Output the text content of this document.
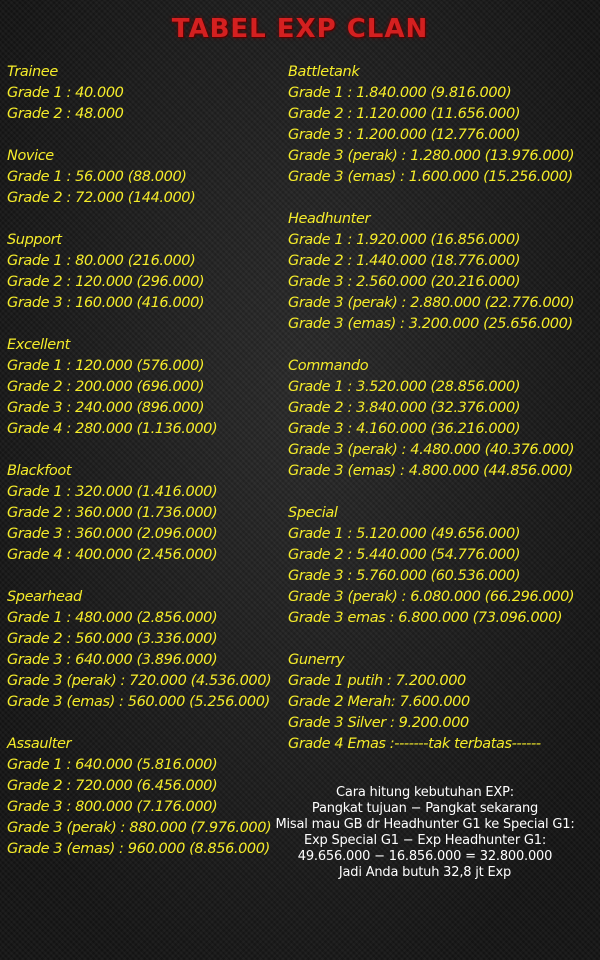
TABEL EXP CLAN
Trainee
Grade 1 : 40.000
Grade 2 : 48.000
Novice
Grade 1 : 56.000 (88.000)
Grade 2 : 72.000 (144.000)
Support
Grade 1 : 80.000 (216.000)
Grade 2 : 120.000 (296.000)
Grade 3 : 160.000 (416.000)
Excellent
Grade 1 : 120.000 (576.000)
Grade 2 : 200.000 (696.000)
Grade 3 : 240.000 (896.000)
Grade 4 : 280.000 (1.136.000)
Blackfoot
Grade 1 : 320.000 (1.416.000)
Grade 2 : 360.000 (1.736.000)
Grade 3 : 360.000 (2.096.000)
Grade 4 : 400.000 (2.456.000)
Spearhead
Grade 1 : 480.000 (2.856.000)
Grade 2 : 560.000 (3.336.000)
Grade 3 : 640.000 (3.896.000)
Grade 3 (perak) : 720.000 (4.536.000)
Grade 3 (emas) : 560.000 (5.256.000)
Assaulter
Grade 1 : 640.000 (5.816.000)
Grade 2 : 720.000 (6.456.000)
Grade 3 : 800.000 (7.176.000)
Grade 3 (perak) : 880.000 (7.976.000)
Grade 3 (emas) : 960.000 (8.856.000)
Battletank
Grade 1 : 1.840.000 (9.816.000)
Grade 2 : 1.120.000 (11.656.000)
Grade 3 : 1.200.000 (12.776.000)
Grade 3 (perak) : 1.280.000 (13.976.000)
Grade 3 (emas) : 1.600.000 (15.256.000)
Headhunter
Grade 1 : 1.920.000 (16.856.000)
Grade 2 : 1.440.000 (18.776.000)
Grade 3 : 2.560.000 (20.216.000)
Grade 3 (perak) : 2.880.000 (22.776.000)
Grade 3 (emas) : 3.200.000 (25.656.000)
Commando
Grade 1 : 3.520.000 (28.856.000)
Grade 2 : 3.840.000 (32.376.000)
Grade 3 : 4.160.000 (36.216.000)
Grade 3 (perak) : 4.480.000 (40.376.000)
Grade 3 (emas) : 4.800.000 (44.856.000)
Special
Grade 1 : 5.120.000 (49.656.000)
Grade 2 : 5.440.000 (54.776.000)
Grade 3 : 5.760.000 (60.536.000)
Grade 3 (perak) : 6.080.000 (66.296.000)
Grade 3 emas : 6.800.000 (73.096.000)
Gunerry
Grade 1 putih : 7.200.000
Grade 2 Merah: 7.600.000
Grade 3 Silver : 9.200.000
Grade 4 Emas :-------tak terbatas------
Cara hitung kebutuhan EXP:
Pangkat tujuan − Pangkat sekarang
Misal mau GB dr Headhunter G1 ke Special G1:
Exp Special G1 − Exp Headhunter G1:
49.656.000 − 16.856.000 = 32.800.000
Jadi Anda butuh 32,8 jt Exp
